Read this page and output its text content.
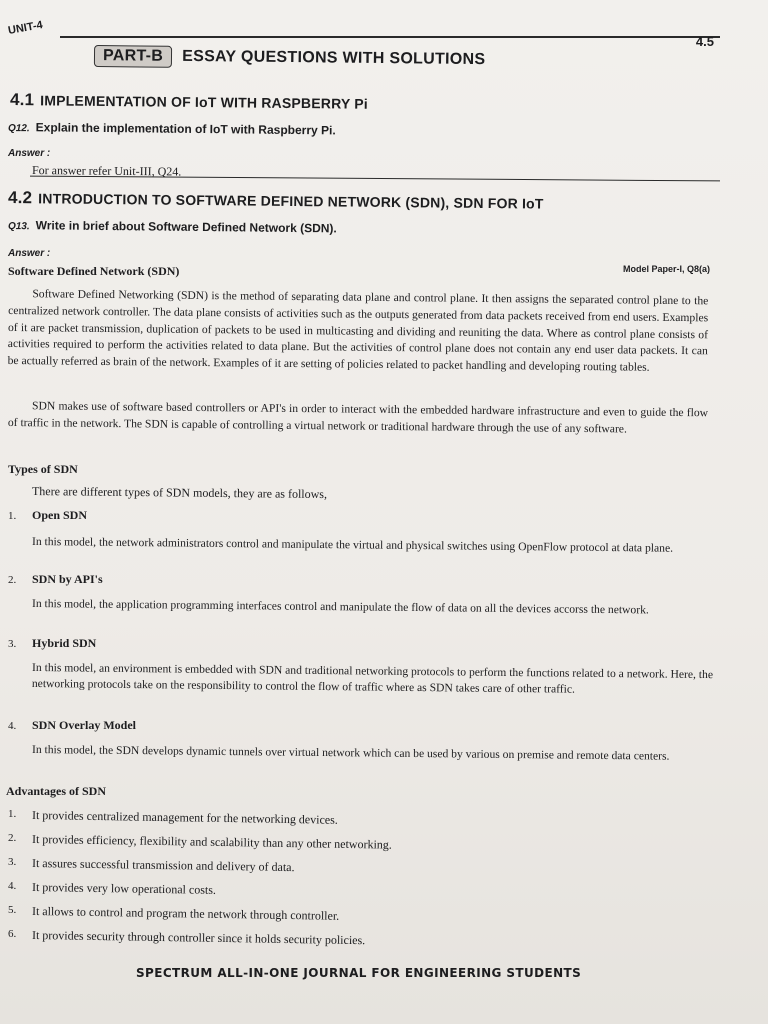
UNIT-4
4.5
PART-B	ESSAY QUESTIONS WITH SOLUTIONS
4.1 IMPLEMENTATION OF IoT WITH RASPBERRY Pi
Q12. Explain the implementation of IoT with Raspberry Pi.
Answer :
For answer refer Unit-III, Q24.
4.2 INTRODUCTION TO SOFTWARE DEFINED NETWORK (SDN), SDN FOR IoT
Q13. Write in brief about Software Defined Network (SDN).
Answer :
Software Defined Network (SDN)	Model Paper-I, Q8(a)
Software Defined Networking (SDN) is the method of separating data plane and control plane. It then assigns the separated control plane to the centralized network controller. The data plane consists of activities such as the outputs generated from data packets received from end users. Examples of it are packet transmission, duplication of packets to be used in multicasting and dividing and reuniting the data. Where as control plane consists of activities required to perform the activities related to data plane. But the activities of control plane does not contain any end user data packets. It can be actually referred as brain of the network. Examples of it are setting of policies related to packet handling and developing routing tables.
SDN makes use of software based controllers or API's in order to interact with the embedded hardware infrastructure and even to guide the flow of traffic in the network. The SDN is capable of controlling a virtual network or traditional hardware through the use of any software.
Types of SDN
There are different types of SDN models, they are as follows,
1. Open SDN
In this model, the network administrators control and manipulate the virtual and physical switches using OpenFlow protocol at data plane.
2. SDN by API's
In this model, the application programming interfaces control and manipulate the flow of data on all the devices accorss the network.
3. Hybrid SDN
In this model, an environment is embedded with SDN and traditional networking protocols to perform the functions related to a network. Here, the networking protocols take on the responsibility to control the flow of traffic where as SDN takes care of other traffic.
4. SDN Overlay Model
In this model, the SDN develops dynamic tunnels over virtual network which can be used by various on premise and remote data centers.
Advantages of SDN
1. It provides centralized management for the networking devices.
2. It provides efficiency, flexibility and scalability than any other networking.
3. It assures successful transmission and delivery of data.
4. It provides very low operational costs.
5. It allows to control and program the network through controller.
6. It provides security through controller since it holds security policies.
SPECTRUM ALL-IN-ONE JOURNAL FOR ENGINEERING STUDENTS
